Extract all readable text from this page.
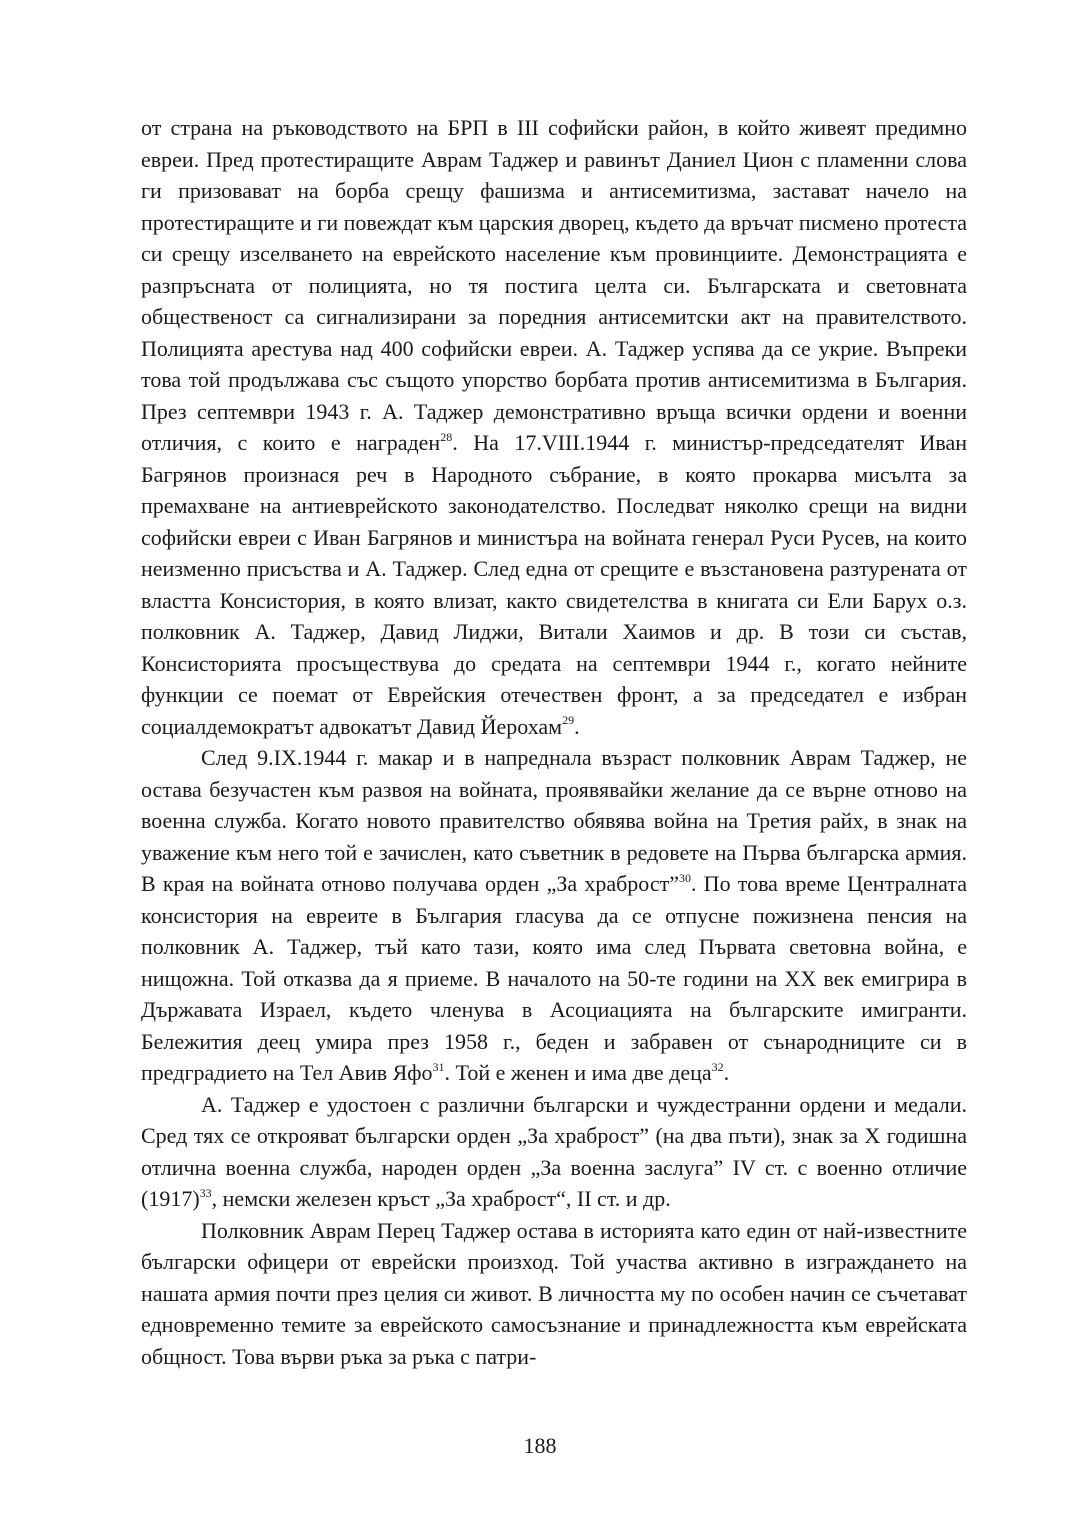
от страна на ръководството на БРП в III софийски район, в който живеят предимно евреи. Пред протестиращите Аврам Таджер и равинът Даниел Цион с пламенни слова ги призовават на борба срещу фашизма и антисемитизма, застават начело на протестиращите и ги повеждат към царския дворец, където да връчат писмено протеста си срещу изселването на еврейското население към провинциите. Демонстрацията е разпръсната от полицията, но тя постига целта си. Българската и световната общественост са сигнализирани за поредния антисемитски акт на правителството. Полицията арестува над 400 софийски евреи. А. Таджер успява да се укрие. Въпреки това той продължава със същото упорство борбата против антисемитизма в България. През септември 1943 г. А. Таджер демонстративно връща всички ордени и военни отличия, с които е награден$^{28}$. На 17.VIII.1944 г. министър-председателят Иван Багрянов произнася реч в Народното събрание, в която прокарва мисълта за премахване на антиеврейското законодателство. Последват няколко срещи на видни софийски евреи с Иван Багрянов и министъра на войната генерал Руси Русев, на които неизменно присъства и А. Таджер. След една от срещите е възстановена разтурената от властта Консистория, в която влизат, както свидетелства в книгата си Ели Барух о.з. полковник А. Таджер, Давид Лиджи, Витали Хаимов и др. В този си състав, Консисторията просъществува до средата на септември 1944 г., когато нейните функции се поемат от Еврейския отечествен фронт, а за председател е избран социалдемократът адвокатът Давид Йерохам$^{29}$.

След 9.IX.1944 г. макар и в напреднала възраст полковник Аврам Таджер, не остава безучастен към развоя на войната, проявявайки желание да се върне отново на военна служба. Когато новото правителство обявява война на Третия райх, в знак на уважение към него той е зачислен, като съветник в редовете на Първа българска армия. В края на войната отново получава орден „За храброст”$^{30}$. По това време Централната консистория на евреите в България гласува да се отпусне пожизнена пенсия на полковник А. Таджер, тъй като тази, която има след Първата световна война, е нищожна. Той отказва да я приеме. В началото на 50-те години на XX век емигрира в Държавата Израел, където членува в Асоциацията на българските имигранти. Бележития деец умира през 1958 г., беден и забравен от сънародниците си в предградието на Тел Авив Яфо$^{31}$. Той е женен и има две деца$^{32}$.

А. Таджер е удостоен с различни български и чуждестранни ордени и медали. Сред тях се открояват български орден „За храброст” (на два пъти), знак за X годишна отлична военна служба, народен орден „За военна заслуга” IV ст. с военно отличие $(1917)^{33}$, немски железен кръст „За храброст“, II ст. и др.

Полковник Аврам Перец Таджер остава в историята като един от най-известните български офицери от еврейски произход. Той участва активно в изграждането на нашата армия почти през целия си живот. В личността му по особен начин се съчетават едновременно темите за еврейското самосъзнание и принадлежността към еврейската общност. Това върви ръка за ръка с патри-

188
